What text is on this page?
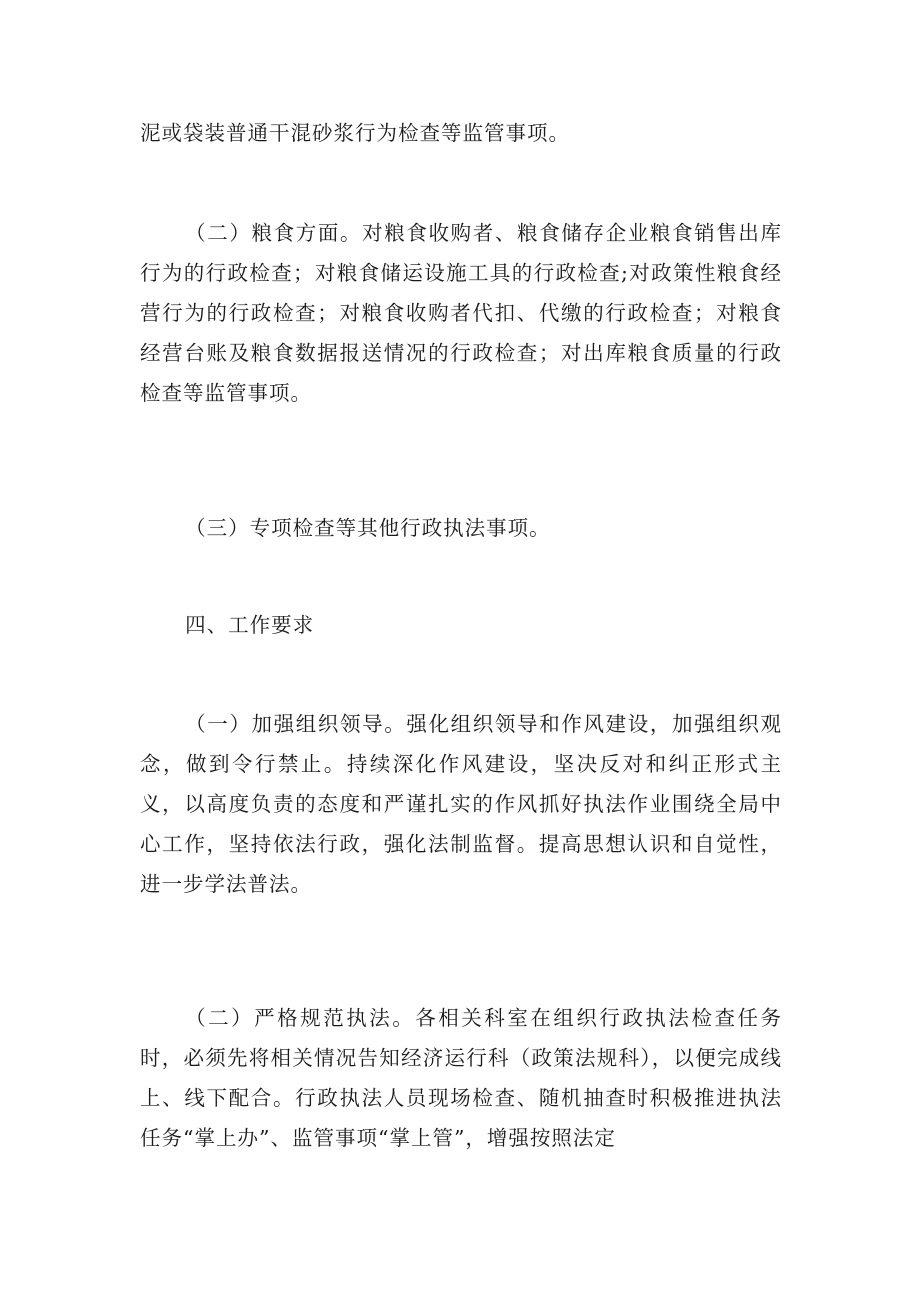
泥或袋装普通干混砂浆行为检查等监管事项。

（二）粮食方面。对粮食收购者、粮食储存企业粮食销售出库行为的行政检查；对粮食储运设施工具的行政检查;对政策性粮食经营行为的行政检查；对粮食收购者代扣、代缴的行政检查；对粮食经营台账及粮食数据报送情况的行政检查；对出库粮食质量的行政检查等监管事项。

（三）专项检查等其他行政执法事项。

四、工作要求

（一）加强组织领导。强化组织领导和作风建设，加强组织观念，做到令行禁止。持续深化作风建设，坚决反对和纠正形式主义，以高度负责的态度和严谨扎实的作风抓好执法作业围绕全局中心工作，坚持依法行政，强化法制监督。提高思想认识和自觉性，进一步学法普法。

（二）严格规范执法。各相关科室在组织行政执法检查任务时，必须先将相关情况告知经济运行科（政策法规科），以便完成线上、线下配合。行政执法人员现场检查、随机抽查时积极推进执法任务“掌上办”、监管事项“掌上管”，增强按照法定
